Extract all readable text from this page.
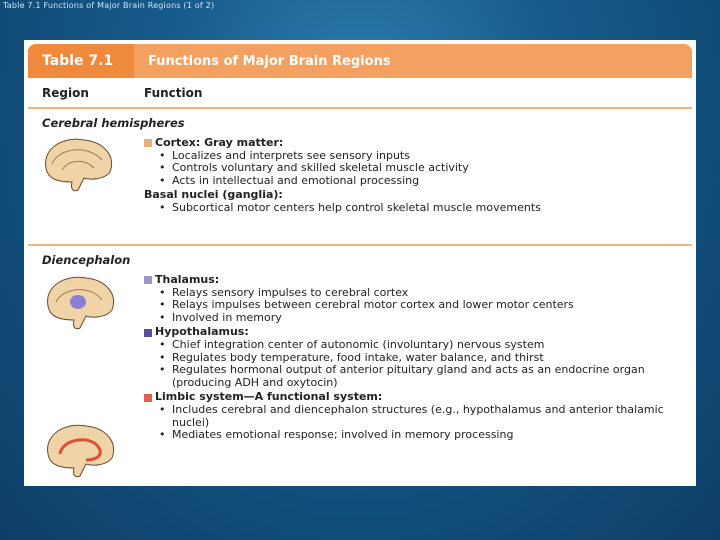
Table 7.1 Functions of Major Brain Regions (1 of 2)
Table 7.1	Functions of Major Brain Regions
Region	Function
Cerebral hemispheres
Cortex: Gray matter:
• Localizes and interprets see sensory inputs
• Controls voluntary and skilled skeletal muscle activity
• Acts in intellectual and emotional processing
Basal nuclei (ganglia):
• Subcortical motor centers help control skeletal muscle movements
Diencephalon
Thalamus:
• Relays sensory impulses to cerebral cortex
• Relays impulses between cerebral motor cortex and lower motor centers
• Involved in memory
Hypothalamus:
• Chief integration center of autonomic (involuntary) nervous system
• Regulates body temperature, food intake, water balance, and thirst
• Regulates hormonal output of anterior pituitary gland and acts as an endocrine organ
(producing ADH and oxytocin)
Limbic system—A functional system:
• Includes cerebral and diencephalon structures (e.g., hypothalamus and anterior thalamic nuclei)
• Mediates emotional response; involved in memory processing
